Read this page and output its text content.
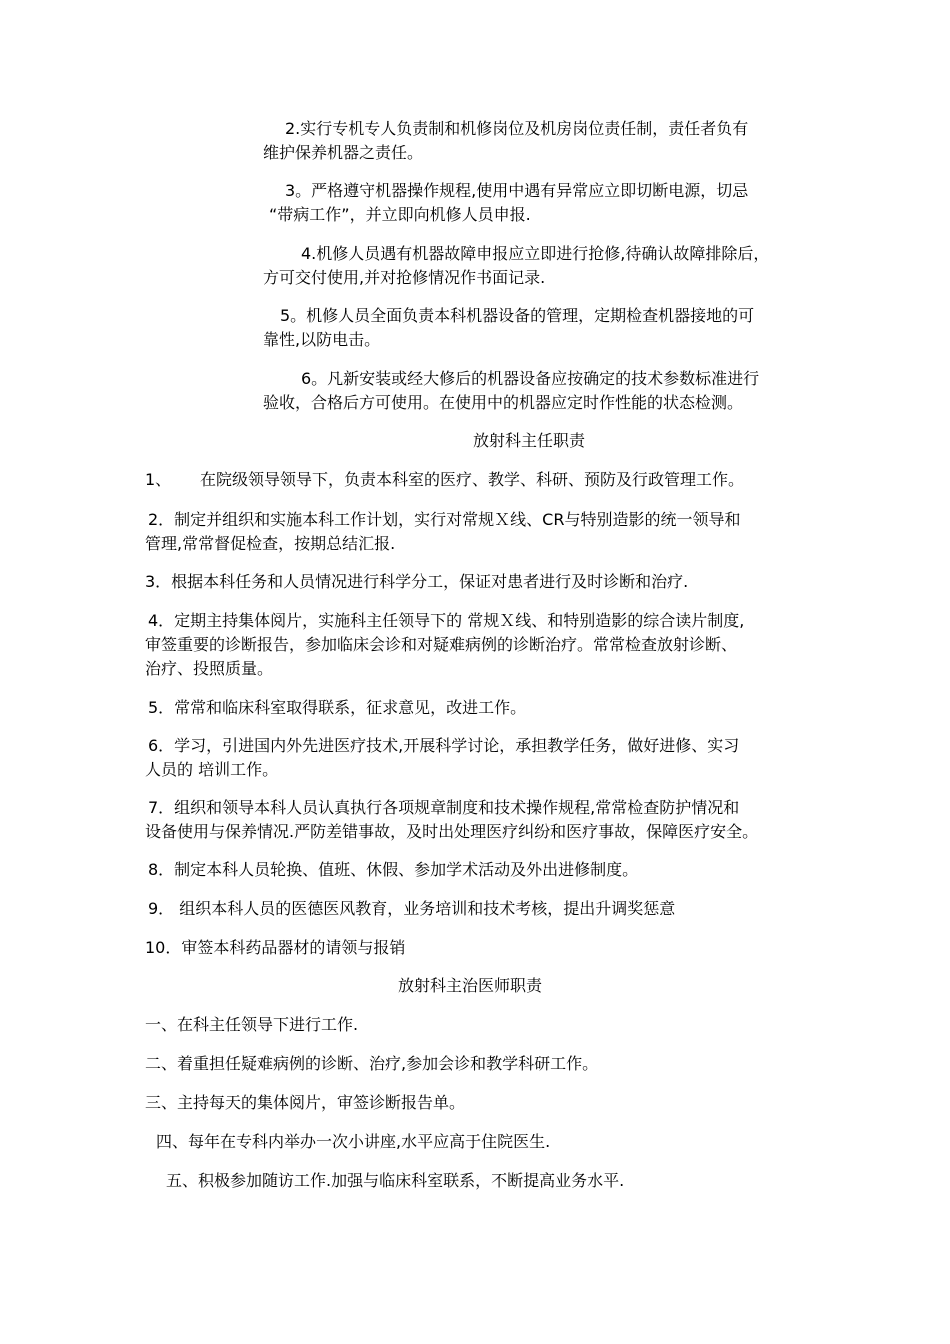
2.实行专机专人负责制和机修岗位及机房岗位责任制，责任者负有

维护保养机器之责任。

3。严格遵守机器操作规程,使用中遇有异常应立即切断电源，切忌

“带病工作”，并立即向机修人员申报.

4.机修人员遇有机器故障申报应立即进行抢修,待确认故障排除后，

方可交付使用,并对抢修情况作书面记录.

5。机修人员全面负责本科机器设备的管理，定期检查机器接地的可

靠性,以防电击。

6。凡新安装或经大修后的机器设备应按确定的技术参数标准进行

验收，合格后方可使用。在使用中的机器应定时作性能的状态检测。

放射科主任职责

1、 在院级领导领导下，负责本科室的医疗、教学、科研、预防及行政管理工作。

2．制定并组织和实施本科工作计划，实行对常规Ｘ线、CR与特别造影的统一领导和

管理,常常督促检查，按期总结汇报.

3．根据本科任务和人员情况进行科学分工，保证对患者进行及时诊断和治疗.

4．定期主持集体阅片，实施科主任领导下的 常规Ｘ线、和特别造影的综合读片制度,

审签重要的诊断报告，参加临床会诊和对疑难病例的诊断治疗。常常检查放射诊断、

治疗、投照质量。

5．常常和临床科室取得联系，征求意见，改进工作。

6．学习，引进国内外先进医疗技术,开展科学讨论，承担教学任务，做好进修、实习

人员的 培训工作。

7．组织和领导本科人员认真执行各项规章制度和技术操作规程,常常检查防护情况和

设备使用与保养情况.严防差错事故，及时出处理医疗纠纷和医疗事故，保障医疗安全。

8．制定本科人员轮换、值班、休假、参加学术活动及外出进修制度。

9． 组织本科人员的医德医风教育，业务培训和技术考核，提出升调奖惩意

10．审签本科药品器材的请领与报销

放射科主治医师职责

一、在科主任领导下进行工作.

二、着重担任疑难病例的诊断、治疗,参加会诊和教学科研工作。

三、主持每天的集体阅片，审签诊断报告单。

四、每年在专科内举办一次小讲座,水平应高于住院医生.

五、积极参加随访工作.加强与临床科室联系，不断提高业务水平.
